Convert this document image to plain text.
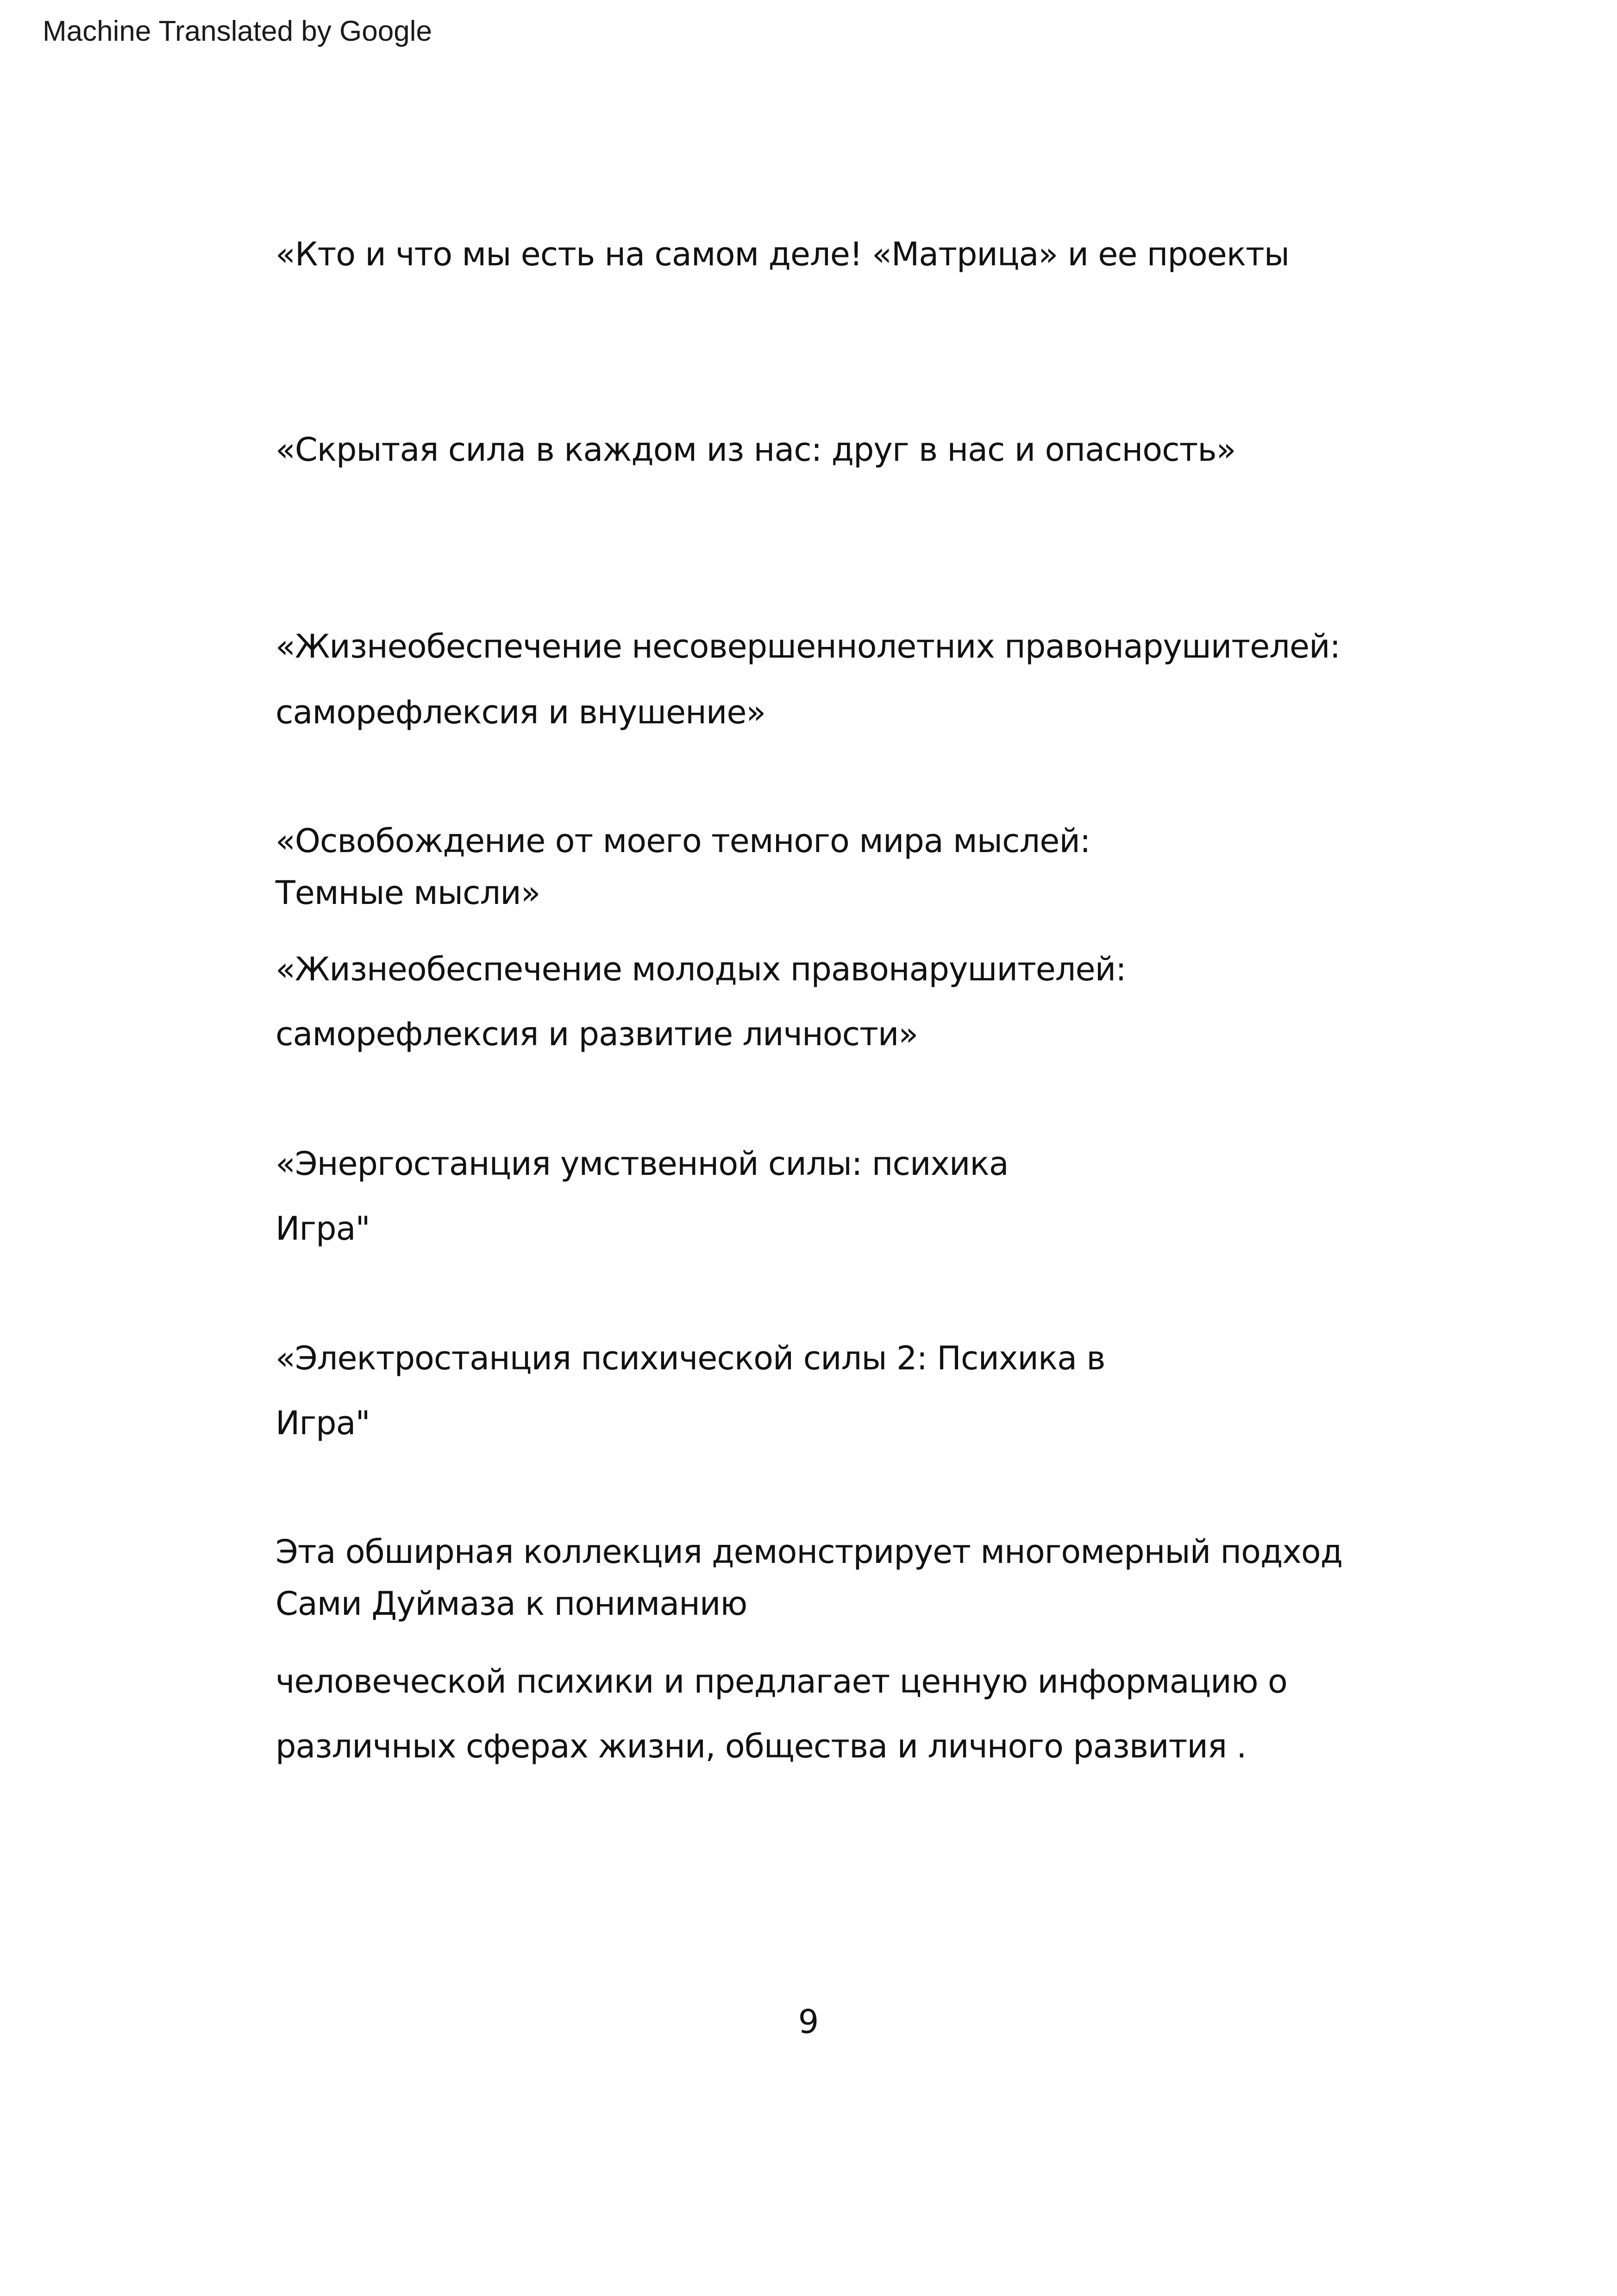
Machine Translated by Google
«Кто и что мы есть на самом деле! «Матрица» и ее проекты
«Скрытая сила в каждом из нас: друг в нас и опасность»
«Жизнеобеспечение несовершеннолетних правонарушителей:
саморефлексия и внушение»
«Освобождение от моего темного мира мыслей:
Темные мысли»
«Жизнеобеспечение молодых правонарушителей:
саморефлексия и развитие личности»
«Энергостанция умственной силы: психика
Игра"
«Электростанция психической силы 2: Психика в
Игра"
Эта обширная коллекция демонстрирует многомерный подход
Сами Дуймаза к пониманию
человеческой психики и предлагает ценную информацию о
различных сферах жизни, общества и личного развития .
9
